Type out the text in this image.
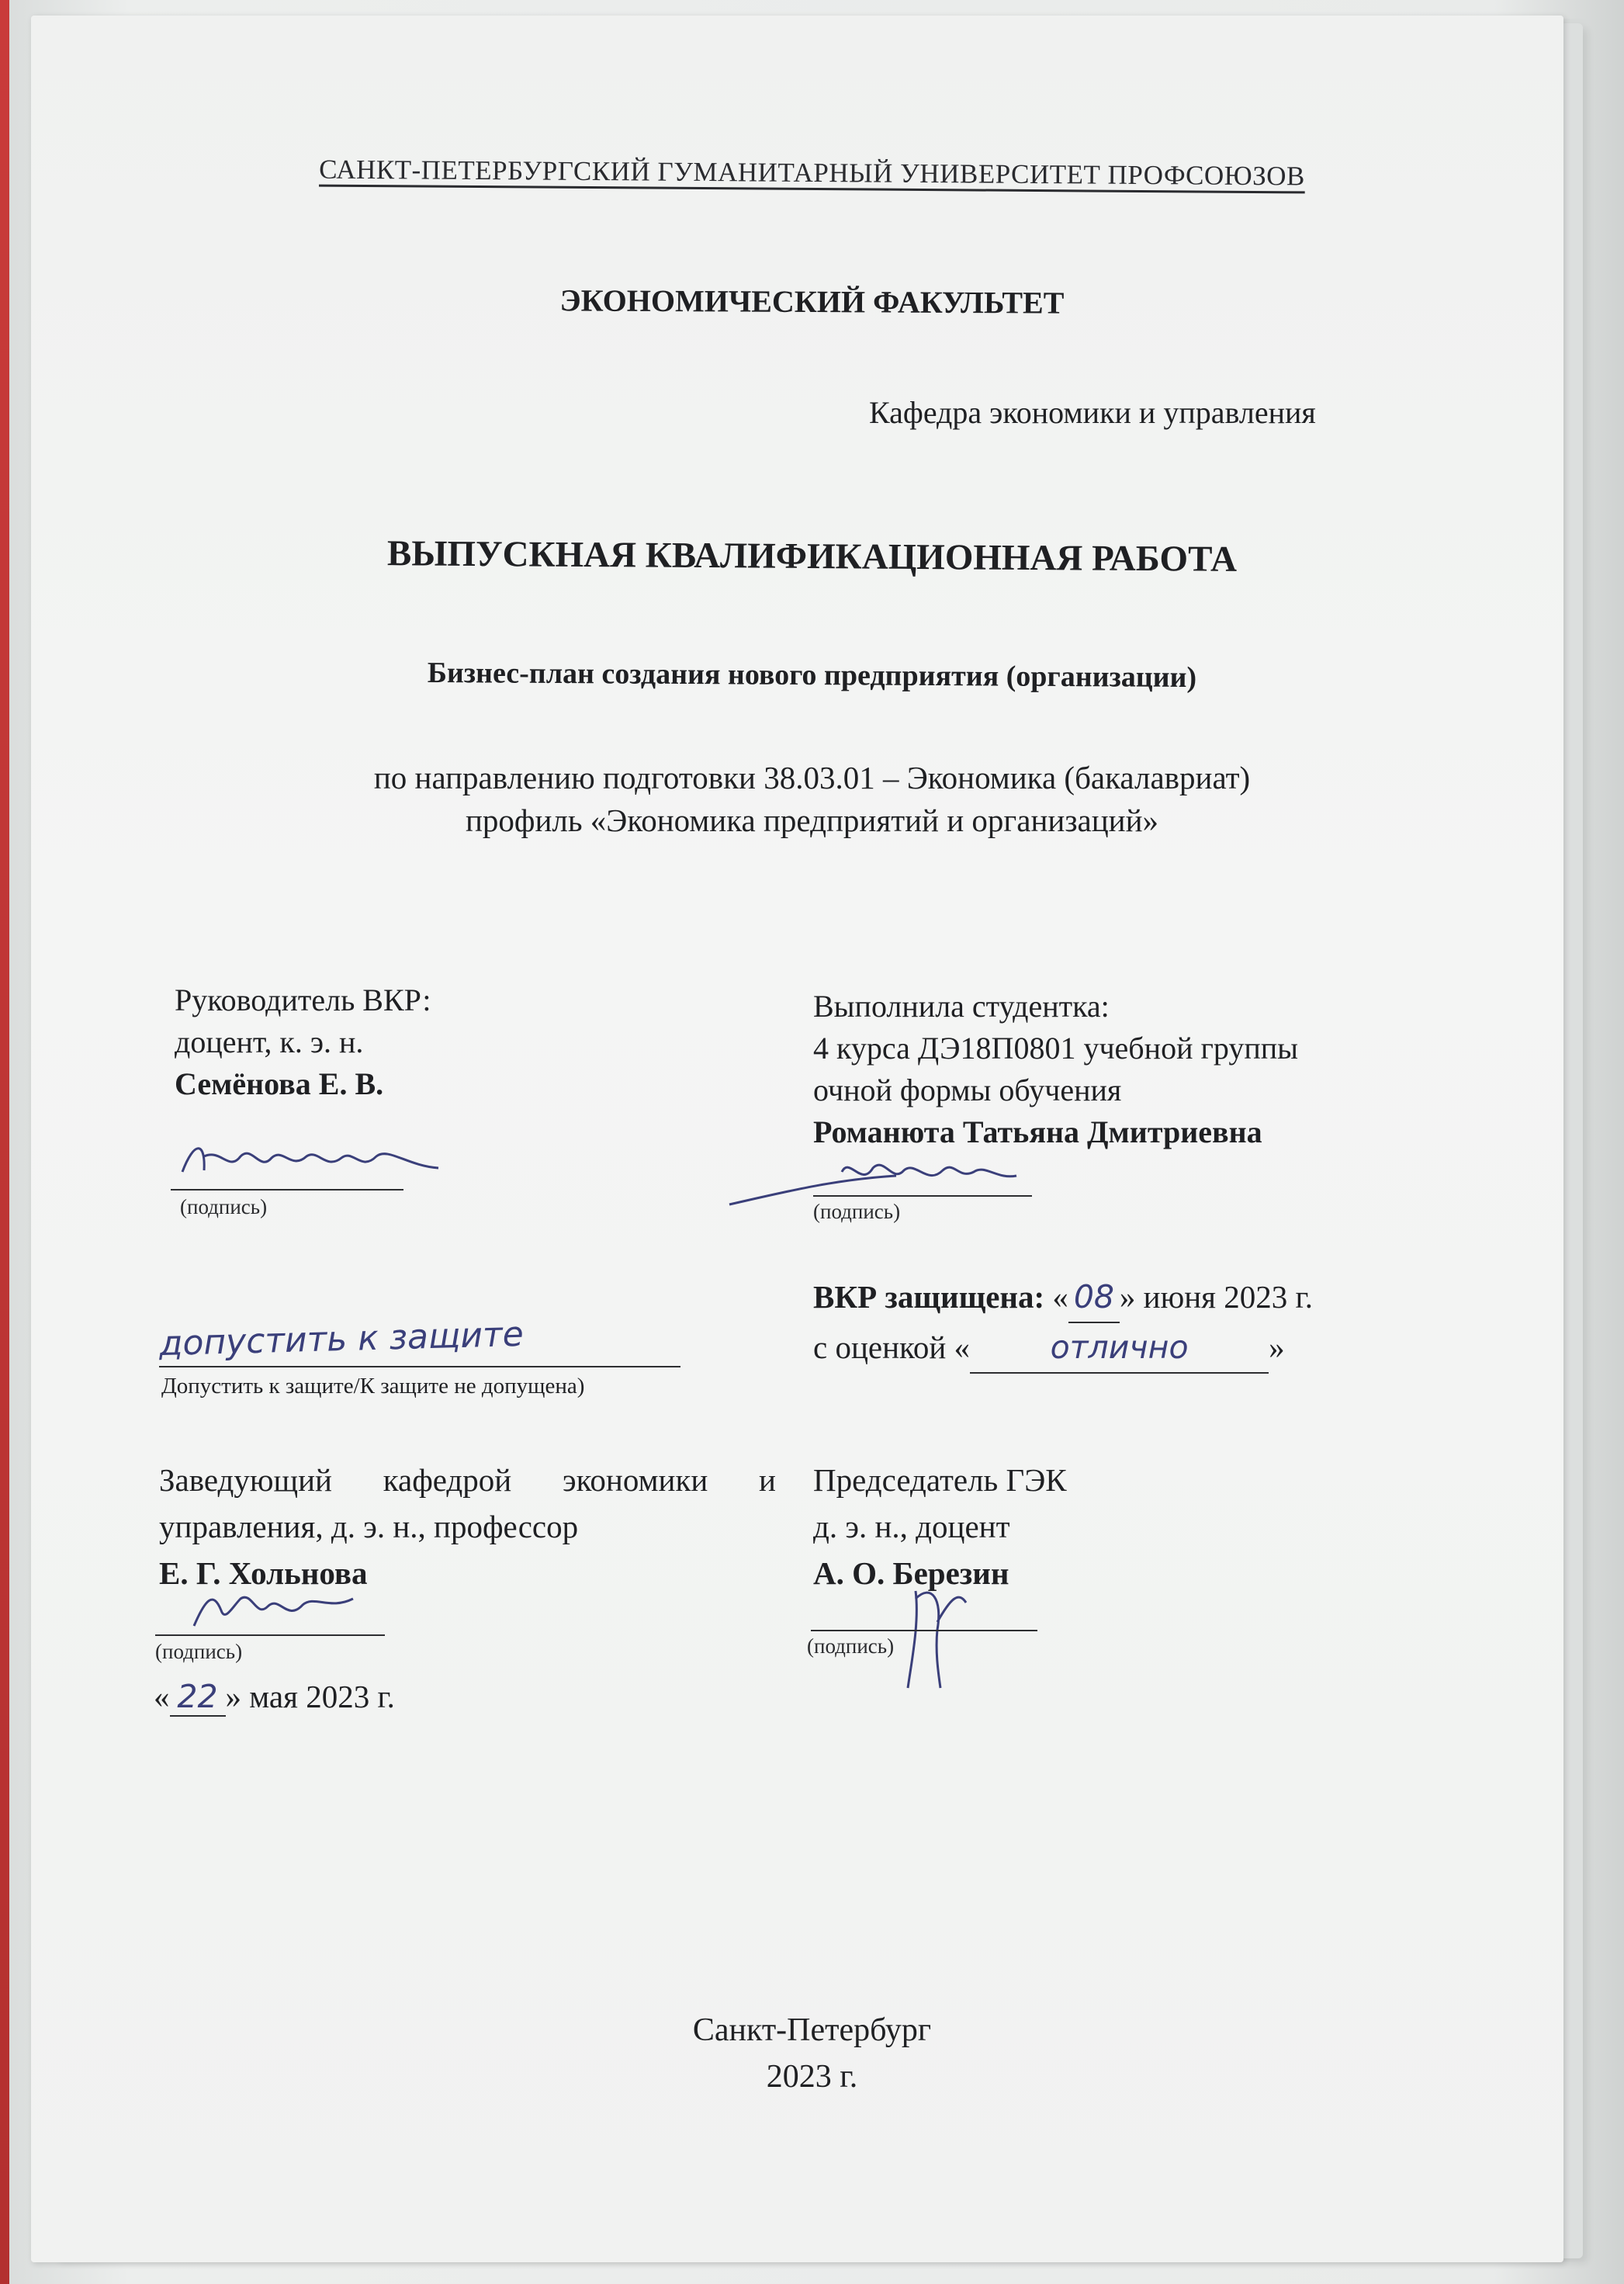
САНКТ-ПЕТЕРБУРГСКИЙ ГУМАНИТАРНЫЙ УНИВЕРСИТЕТ ПРОФСОЮЗОВ
ЭКОНОМИЧЕСКИЙ ФАКУЛЬТЕТ
Кафедра экономики и управления
ВЫПУСКНАЯ КВАЛИФИКАЦИОННАЯ РАБОТА
Бизнес-план создания нового предприятия (организации)
по направлению подготовки 38.03.01 – Экономика (бакалавриат)
профиль «Экономика предприятий и организаций»
Руководитель ВКР:
доцент, к. э. н.
Семёнова Е. В.
(подпись)
Выполнила студентка:
4 курса ДЭ18П0801 учебной группы
очной формы обучения
Романюта Татьяна Дмитриевна
(подпись)
ВКР защищена: « 08 » июня 2023 г.
с оценкой «	отлично	»
допустить к защите
Допустить к защите/К защите не допущена)
Заведующий кафедрой экономики и
управления, д. э. н., профессор
Е. Г. Хольнова
(подпись)
« 22 » мая 2023 г.
Председатель ГЭК
д. э. н., доцент
А. О. Березин
(подпись)
Санкт-Петербург
2023 г.
